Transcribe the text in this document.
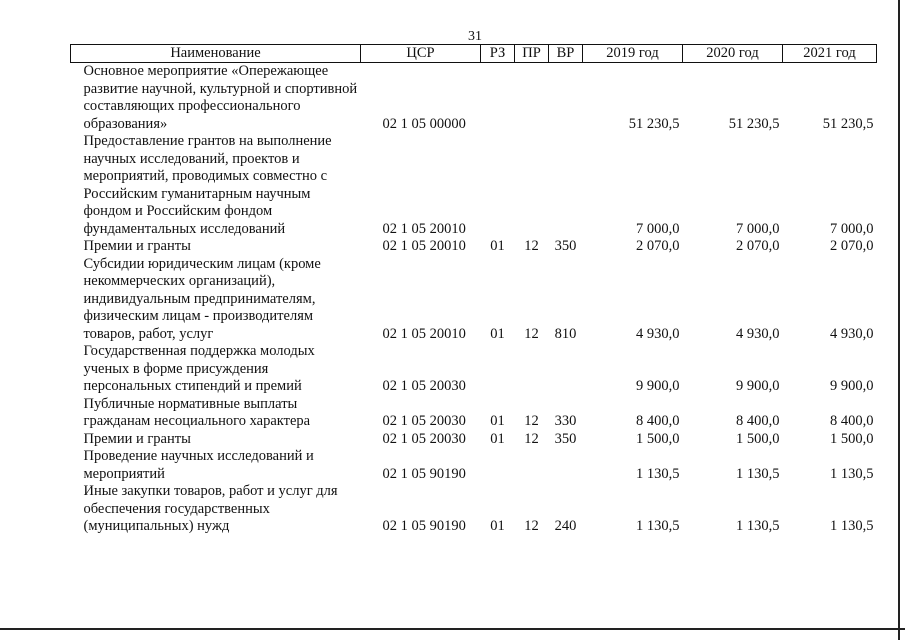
31
Наименование	ЦСР	РЗ	ПР	ВР	2019 год	2020 год	2021 год
Основное мероприятие «Опережающее развитие научной, культурной и спортивной составляющих профессионального образования»	02 1 05 00000				51 230,5	51 230,5	51 230,5
Предоставление грантов на выполнение научных исследований, проектов и мероприятий, проводимых совместно с Российским гуманитарным научным фондом и Российским фондом фундаментальных исследований	02 1 05 20010				7 000,0	7 000,0	7 000,0
Премии и гранты	02 1 05 20010	01	12	350	2 070,0	2 070,0	2 070,0
Субсидии юридическим лицам (кроме некоммерческих организаций), индивидуальным предпринимателям, физическим лицам - производителям товаров, работ, услуг	02 1 05 20010	01	12	810	4 930,0	4 930,0	4 930,0
Государственная поддержка молодых ученых в форме присуждения персональных стипендий и премий	02 1 05 20030				9 900,0	9 900,0	9 900,0
Публичные нормативные выплаты гражданам несоциального характера	02 1 05 20030	01	12	330	8 400,0	8 400,0	8 400,0
Премии и гранты	02 1 05 20030	01	12	350	1 500,0	1 500,0	1 500,0
Проведение научных исследований и мероприятий	02 1 05 90190				1 130,5	1 130,5	1 130,5
Иные закупки товаров, работ и услуг для обеспечения государственных (муниципальных) нужд	02 1 05 90190	01	12	240	1 130,5	1 130,5	1 130,5
